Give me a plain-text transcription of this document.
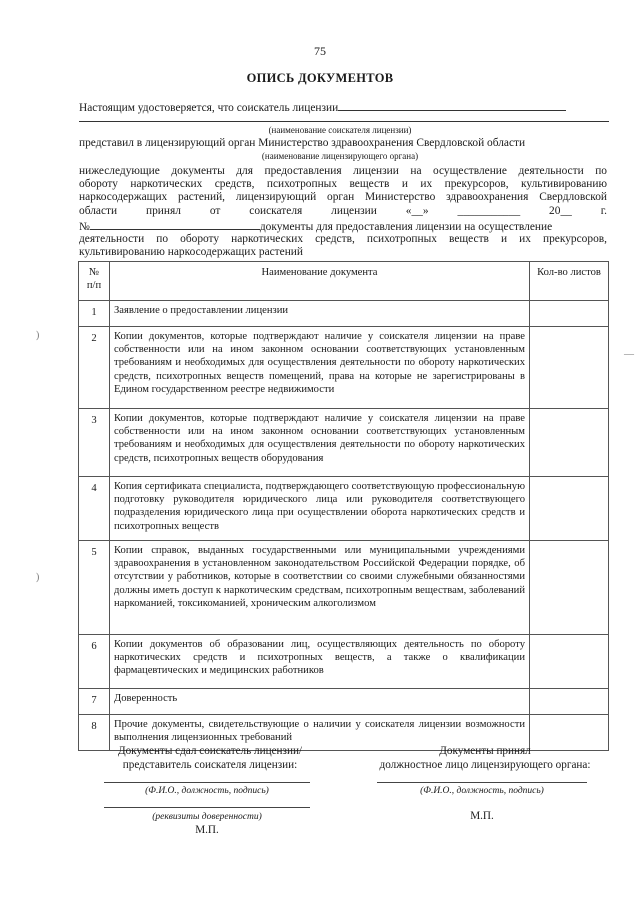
75
ОПИСЬ ДОКУМЕНТОВ
Настоящим удостоверяется, что соискатель лицензии
(наименование соискателя лицензии)
представил в лицензирующий орган Министерство здравоохранения Свердловской области
(наименование лицензирующего органа)
нижеследующие документы для предоставления лицензии на осуществление деятельности по
обороту наркотических средств, психотропных веществ и их прекурсоров, культивированию
наркосодержащих растений, лицензирующий орган Министерство здравоохранения Свердловской
области принял от соискателя лицензии «__» ___________ 20__ г.
№	документы для предоставления лицензии на осуществление
деятельности по обороту наркотических средств, психотропных веществ и их прекурсоров,
культивированию наркосодержащих растений
№
п/п	Наименование документа	Кол-во листов
1	Заявление о предоставлении лицензии	
2	Копии документов, которые подтверждают наличие у соискателя лицензии на праве собственности или на ином законном основании соответствующих установленным требованиям и необходимых для осуществления деятельности по обороту наркотических средств, психотропных веществ помещений, права на которые не зарегистрированы в Едином государственном реестре недвижимости	
3	Копии документов, которые подтверждают наличие у соискателя лицензии на праве собственности или на ином законном основании соответствующих установленным требованиям и необходимых для осуществления деятельности по обороту наркотических средств, психотропных веществ оборудования	
4	Копия сертификата специалиста, подтверждающего соответствующую профессиональную подготовку руководителя юридического лица или руководителя соответствующего подразделения юридического лица при осуществлении оборота наркотических средств и психотропных веществ	
5	Копии справок, выданных государственными или муниципальными учреждениями здравоохранения в установленном законодательством Российской Федерации порядке, об отсутствии у работников, которые в соответствии со своими служебными обязанностями должны иметь доступ к наркотическим средствам, психотропным веществам, заболеваний наркоманией, токсикоманией, хроническим алкоголизмом	
6	Копии документов об образовании лиц, осуществляющих деятельность по обороту наркотических средств и психотропных веществ, а также о квалификации фармацевтических и медицинских работников	
7	Доверенность	
8	Прочие документы, свидетельствующие о наличии у соискателя лицензии возможности выполнения лицензионных требований	
Документы сдал соискатель лицензии/
представитель соискателя лицензии:
(Ф.И.О., должность, подпись)
(реквизиты доверенности)
М.П.
Документы принял
должностное лицо лицензирующего органа:
(Ф.И.О., должность, подпись)
М.П.
)
)
—
